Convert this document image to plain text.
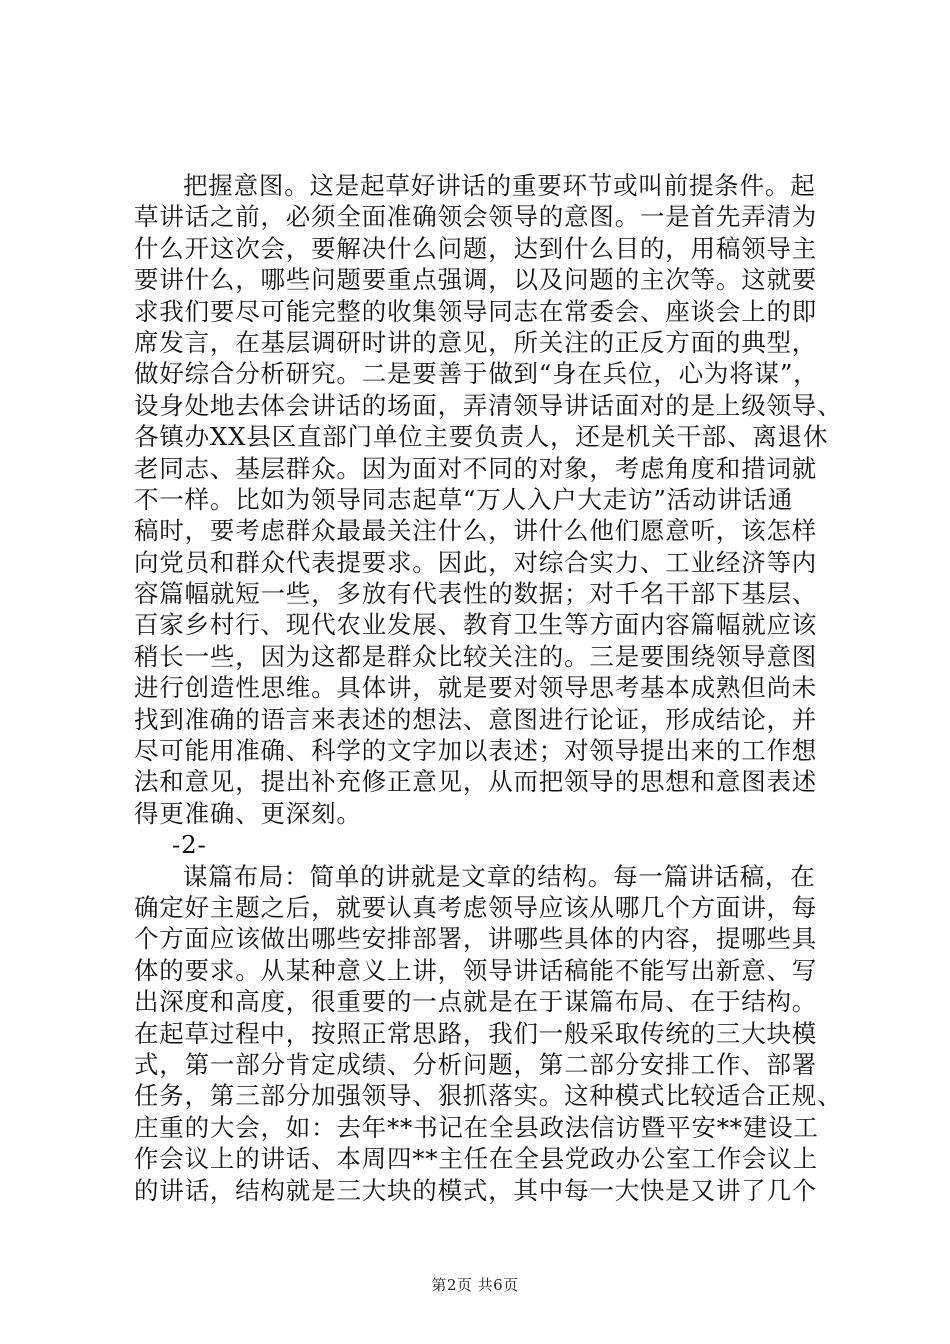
把握意图。这是起草好讲话的重要环节或叫前提条件。起
草讲话之前，必须全面准确领会领导的意图。一是首先弄清为
什么开这次会，要解决什么问题，达到什么目的，用稿领导主
要讲什么，哪些问题要重点强调，以及问题的主次等。这就要
求我们要尽可能完整的收集领导同志在常委会、座谈会上的即
席发言，在基层调研时讲的意见，所关注的正反方面的典型，
做好综合分析研究。二是要善于做到“身在兵位，心为将谋”，
设身处地去体会讲话的场面，弄清领导讲话面对的是上级领导、
各镇办XX县区直部门单位主要负责人，还是机关干部、离退休
老同志、基层群众。因为面对不同的对象，考虑角度和措词就
不一样。比如为领导同志起草“万人入户大走访”活动讲话通
稿时，要考虑群众最最关注什么，讲什么他们愿意听，该怎样
向党员和群众代表提要求。因此，对综合实力、工业经济等内
容篇幅就短一些，多放有代表性的数据；对千名干部下基层、
百家乡村行、现代农业发展、教育卫生等方面内容篇幅就应该
稍长一些，因为这都是群众比较关注的。三是要围绕领导意图
进行创造性思维。具体讲，就是要对领导思考基本成熟但尚未
找到准确的语言来表述的想法、意图进行论证，形成结论，并
尽可能用准确、科学的文字加以表述；对领导提出来的工作想
法和意见，提出补充修正意见，从而把领导的思想和意图表述
得更准确、更深刻。
-2-
谋篇布局：简单的讲就是文章的结构。每一篇讲话稿，在
确定好主题之后，就要认真考虑领导应该从哪几个方面讲，每
个方面应该做出哪些安排部署，讲哪些具体的内容，提哪些具
体的要求。从某种意义上讲，领导讲话稿能不能写出新意、写
出深度和高度，很重要的一点就是在于谋篇布局、在于结构。
在起草过程中，按照正常思路，我们一般采取传统的三大块模
式，第一部分肯定成绩、分析问题，第二部分安排工作、部署
任务，第三部分加强领导、狠抓落实。这种模式比较适合正规、
庄重的大会，如：去年**书记在全县政法信访暨平安**建设工
作会议上的讲话、本周四**主任在全县党政办公室工作会议上
的讲话，结构就是三大块的模式，其中每一大快是又讲了几个
第2页 共6页
